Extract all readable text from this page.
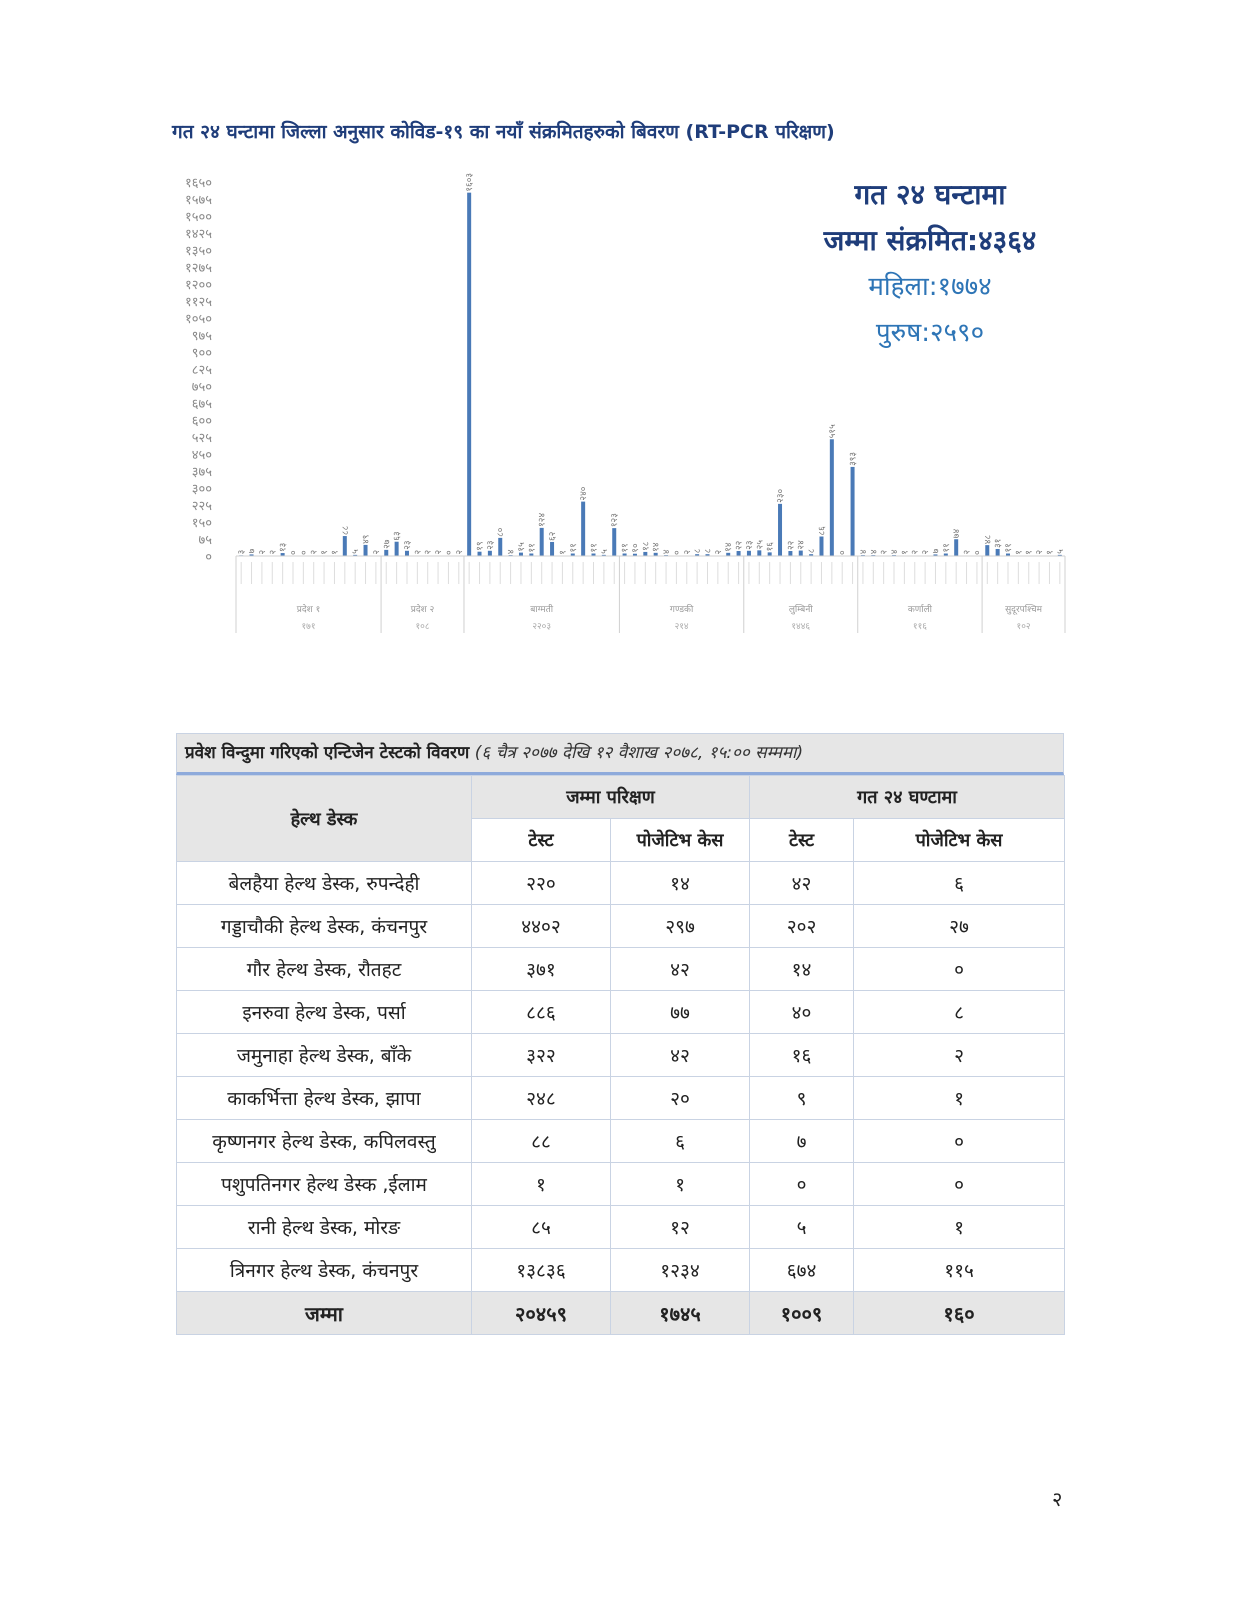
गत २४ घन्टामा जिल्ला अनुसार कोविड-१९ का नयाँ संक्रमितहरुको बिवरण (RT-PCR परिक्षण)
०
७५
१५०
२२५
३००
३७५
४५०
५२५
६००
६७५
७५०
८२५
९००
९७५
१०५०
११२५
१२००
१२७५
१३५०
१४२५
१५००
१५७५
१६५०
३ ७ २ २
१३
० ० २ १ १
८८
५
४९
२
प्रदेश १
१७१
२७
६३
२३
२ २ २ ० २
प्रदेश २
१०८
१६०३
१९ २३
८०
४
१५ ११
१२४
६२
१ ११
२४०
११ ५
१२३
बाग्मती
२२०३
११ १० १८ १४ ४ ० २ ८ ८ २
१४ २२
गण्डकी
२१४
२३ २५ १६
२३०
२२ २४
८
८६
५१५
०
३९३
लुम्बिनी
१४४६
४ ४ २ ४ १ २ २ ७ ११
७४
२ ०
कर्णाली
११६
४८ ३१ ११ १ १ २ १ ५
सुदूरपश्चिम
१०२
गत २४ घन्टामा
जम्मा संक्रमित:४३६४
महिला:१७७४
पुरुष:२५९०
प्रवेश विन्दुमा गरिएको एन्टिजेन टेस्टको विवरण (६ चैत्र २०७७ देखि १२ वैशाख २०७८, १५:०० सम्ममा)
हेल्थ डेस्क	जम्मा परिक्षण		गत २४ घण्टामा	
	टेस्ट	पोजेटिभ केस	टेस्ट	पोजेटिभ केस
बेलहैया हेल्थ डेस्क, रुपन्देही	२२०	१४	४२	६
गड्डाचौकी हेल्थ डेस्क, कंचनपुर	४४०२	२९७	२०२	२७
गौर हेल्थ डेस्क, रौतहट	३७१	४२	१४	०
इनरुवा हेल्थ डेस्क, पर्सा	८८६	७७	४०	८
जमुनाहा हेल्थ डेस्क, बाँके	३२२	४२	१६	२
काकर्भित्ता हेल्थ डेस्क, झापा	२४८	२०	९	१
कृष्णनगर हेल्थ डेस्क, कपिलवस्तु	८८	६	७	०
पशुपतिनगर हेल्थ डेस्क ,ईलाम	१	१	०	०
रानी हेल्थ डेस्क, मोरङ	८५	१२	५	१
त्रिनगर हेल्थ डेस्क, कंचनपुर	१३८३६	१२३४	६७४	११५
जम्मा	२०४५९	१७४५	१००९	१६०
२
